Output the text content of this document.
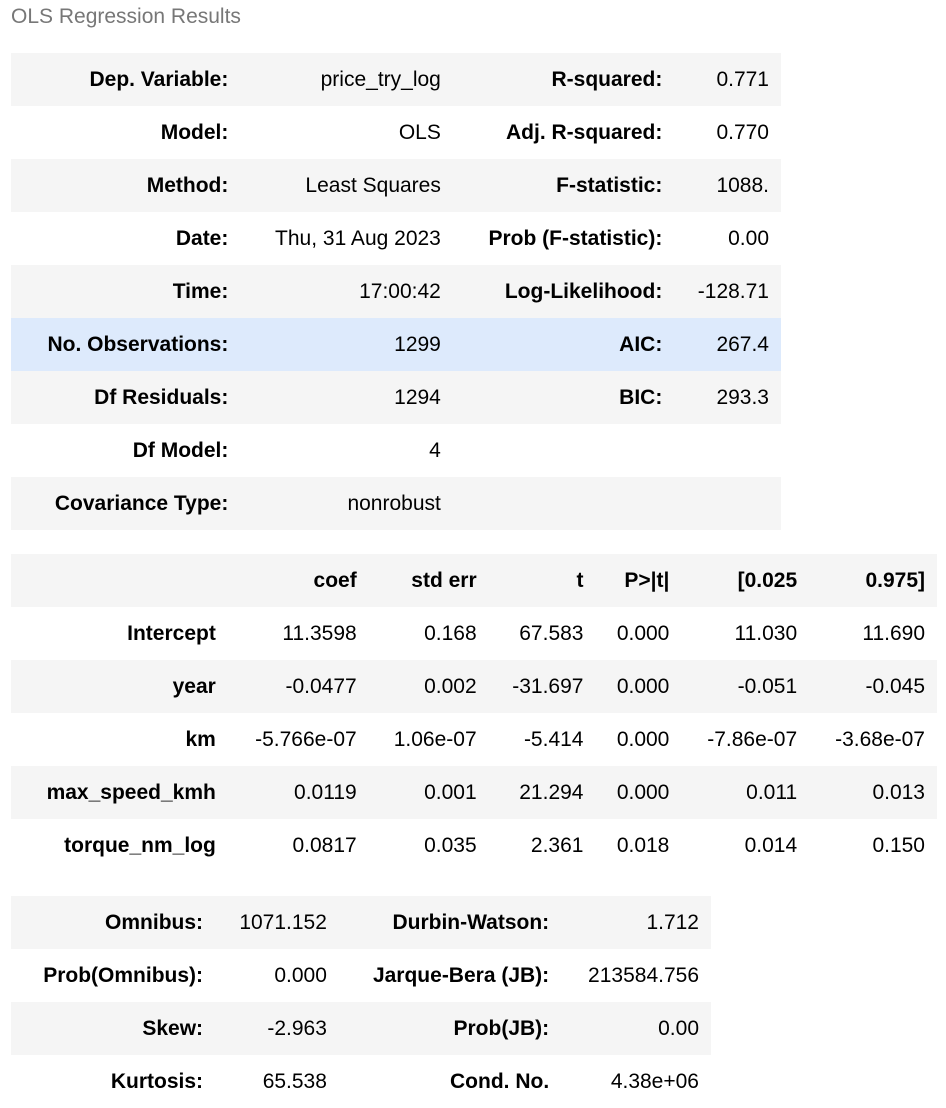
OLS Regression Results
Dep. Variable:	price_try_log	R-squared:	0.771
Model:	OLS	Adj. R-squared:	0.770
Method:	Least Squares	F-statistic:	1088.
Date:	Thu, 31 Aug 2023	Prob (F-statistic):	0.00
Time:	17:00:42	Log-Likelihood:	-128.71
No. Observations:	1299	AIC:	267.4
Df Residuals:	1294	BIC:	293.3
Df Model:	4		
Covariance Type:	nonrobust		
	coef	std err	t	P>|t|	[0.025	0.975]
Intercept	11.3598	0.168	67.583	0.000	11.030	11.690
year	-0.0477	0.002	-31.697	0.000	-0.051	-0.045
km	-5.766e-07	1.06e-07	-5.414	0.000	-7.86e-07	-3.68e-07
max_speed_kmh	0.0119	0.001	21.294	0.000	0.011	0.013
torque_nm_log	0.0817	0.035	2.361	0.018	0.014	0.150
Omnibus:	1071.152	Durbin-Watson:	1.712
Prob(Omnibus):	0.000	Jarque-Bera (JB):	213584.756
Skew:	-2.963	Prob(JB):	0.00
Kurtosis:	65.538	Cond. No.	4.38e+06
